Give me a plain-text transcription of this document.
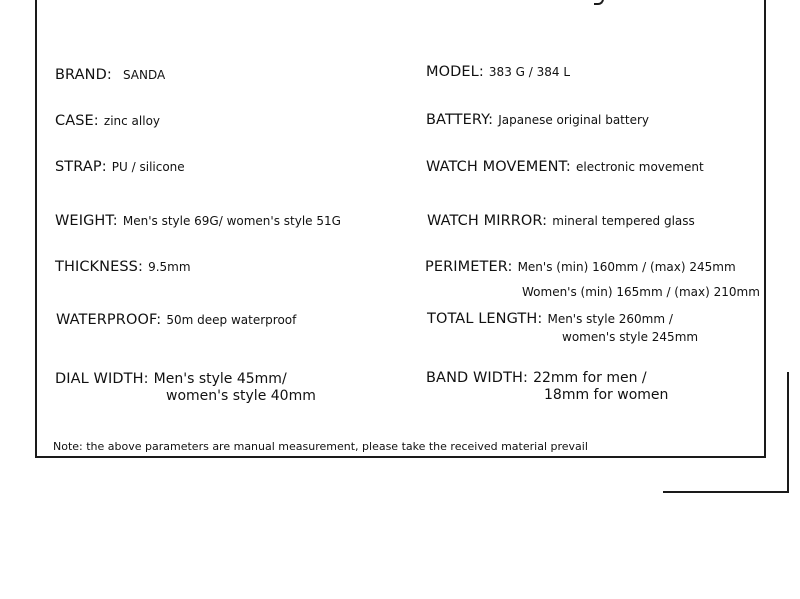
BRAND: SANDA
CASE: zinc alloy
STRAP: PU / silicone
WEIGHT: Men's style 69G/ women's style 51G
THICKNESS: 9.5mm
WATERPROOF: 50m deep waterproof
DIAL WIDTH: Men's style 45mm/
women's style 40mm
MODEL: 383 G / 384 L
BATTERY: Japanese original battery
WATCH MOVEMENT: electronic movement
WATCH MIRROR: mineral tempered glass
PERIMETER: Men's (min) 160mm / (max) 245mm
Women's (min) 165mm / (max) 210mm
TOTAL LENGTH: Men's style 260mm /
women's style 245mm
BAND WIDTH: 22mm for men /
18mm for women
Note: the above parameters are manual measurement, please take the received material prevail
